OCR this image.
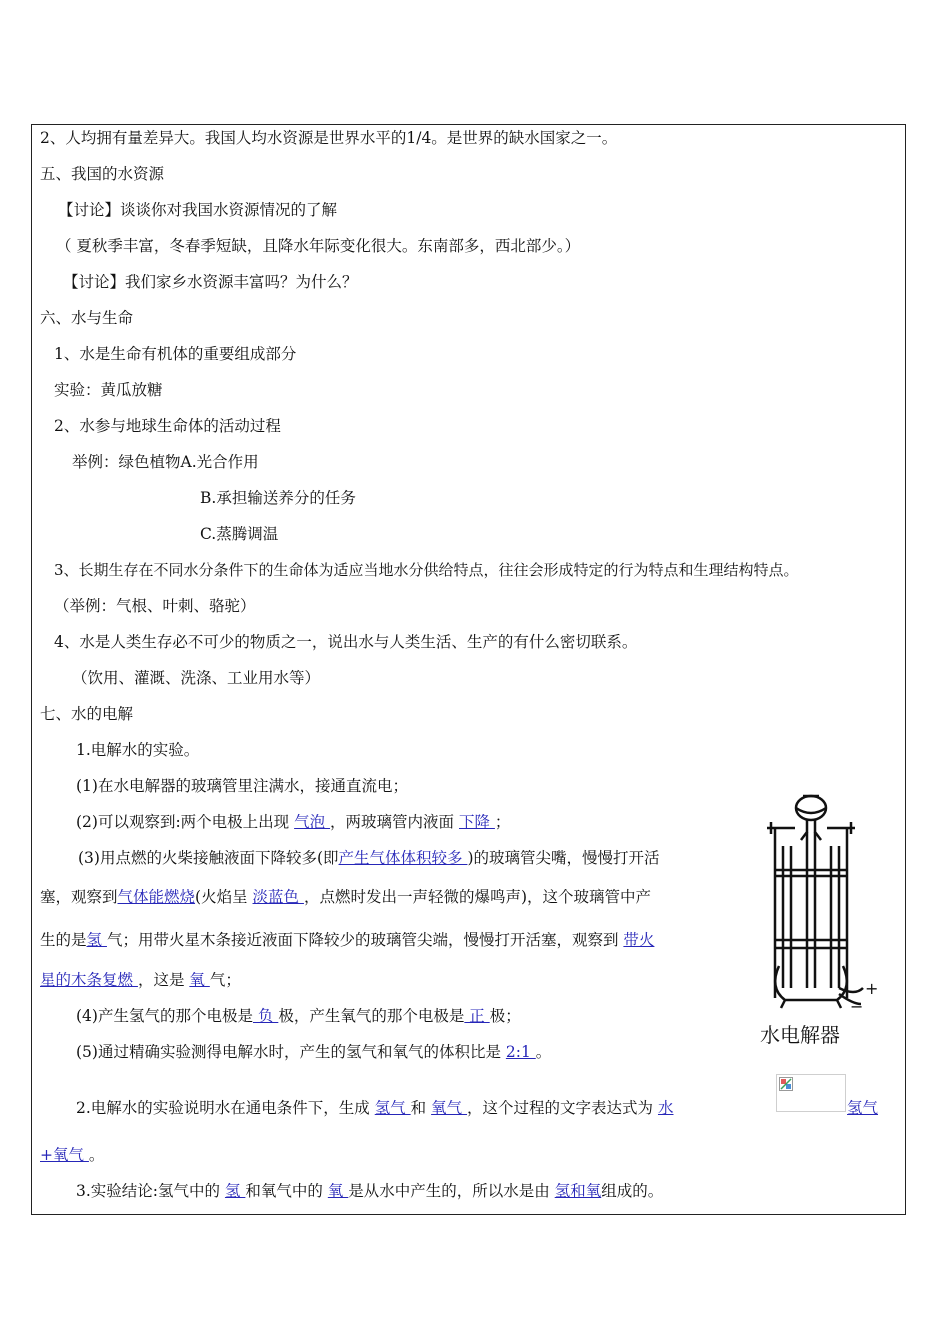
2、人均拥有量差异大。我国人均水资源是世界水平的1/4。是世界的缺水国家之一。
五、我国的水资源
【讨论】谈谈你对我国水资源情况的了解
（ 夏秋季丰富，冬春季短缺，且降水年际变化很大。东南部多，西北部少。）
【讨论】我们家乡水资源丰富吗？为什么？
六、水与生命
1、水是生命有机体的重要组成部分
实验：黄瓜放糖
2、水参与地球生命体的活动过程
举例：绿色植物A.光合作用
B.承担输送养分的任务
C.蒸腾调温
3、长期生存在不同水分条件下的生命体为适应当地水分供给特点，往往会形成特定的行为特点和生理结构特点。
（举例：气根、叶刺、骆驼）
4、水是人类生存必不可少的物质之一，说出水与人类生活、生产的有什么密切联系。
（饮用、灌溉、洗涤、工业用水等）
七、水的电解
1.电解水的实验。
(1)在水电解器的玻璃管里注满水，接通直流电；
(2)可以观察到:两个电极上出现 气泡 ，两玻璃管内液面 下降 ；
(3)用点燃的火柴接触液面下降较多(即产生气体体积较多 )的玻璃管尖嘴，慢慢打开活
塞，观察到气体能燃烧(火焰呈 淡蓝色 ，点燃时发出一声轻微的爆鸣声)，这个玻璃管中产
生的是氢 气；用带火星木条接近液面下降较少的玻璃管尖端，慢慢打开活塞，观察到 带火
星的木条复燃 ，这是 氧 气；
(4)产生氢气的那个电极是 负 极，产生氧气的那个电极是 正 极；
(5)通过精确实验测得电解水时，产生的氢气和氧气的体积比是 2:1 。
2.电解水的实验说明水在通电条件下，生成 氢气 和 氧气 ，这个过程的文字表达式为 水	氢气
+氧气 。
3.实验结论:氢气中的 氢 和氧气中的 氧 是从水中产生的，所以水是由 氢和氧组成的。
+
−
水电解器
